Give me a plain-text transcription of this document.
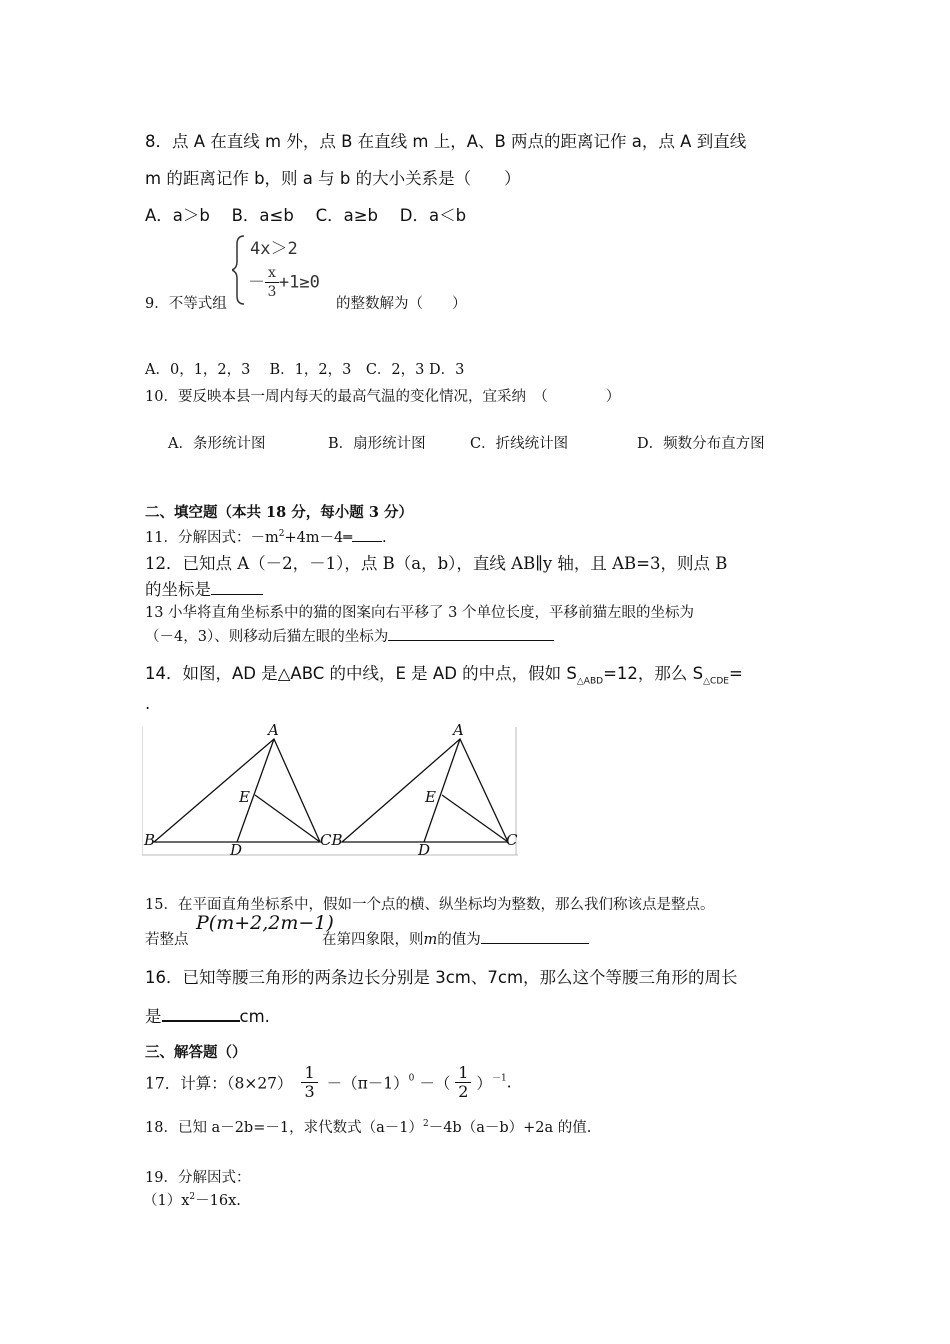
8．点 A 在直线 m 外，点 B 在直线 m 上，A、B 两点的距离记作 a，点 A 到直线
m 的距离记作 b，则 a 与 b 的大小关系是（　　）
A．a＞b　 B．a≤b　 C．a≥b　 D．a＜b
4x＞2
－ $\frac{x}{3} +1\ge 0$
9．不等式组	的整数解为（　　）
A．0，1，2，3　 B．1，2，3　C．2，3 D．3
10．要反映本县一周内每天的最高气温的变化情况，宜采纳　（　　　　）
A．条形统计图	B．扇形统计图	C．折线统计图	D．频数分布直方图
二、填空题（本共 18 分，每小题 3 分）
11．分解因式：$-m^2+4m-4═$ .
12．已知点 A（－2，－1），点 B（a，b），直线 AB∥y 轴，且 AB=3，则点 B
的坐标是
13 小华将直角坐标系中的猫的图案向右平移了 3 个单位长度，平移前猫左眼的坐标为
（－4，3）、则移动后猫左眼的坐标为
14．如图，AD 是△ABC 的中线，E 是 AD 的中点，假如 $S_{\triangle ABD}=12$，那么 $S_{\triangle CDE}=$
.
A
E
B
D
CB
A
E
D
C
15．在平面直角坐标系中，假如一个点的横、纵坐标均为整数，那么我们称该点是整点。
若整点
P(m+2,2m−1)
在第四象限，则m的值为
16．已知等腰三角形的两条边长分别是 3cm、7cm，那么这个等腰三角形的周长
是	cm.
三、解答题（）
17．计算：$(8\times 27) \frac{1}{3} -(\pi-1)^0$ －（ $\frac{1}{2} )^{-1}$.
18．已知 a－2b=－1，求代数式$(a-1)^2-4b(a-b)+2a$ 的值.
19．分解因式：
$(1)x^2-16x$.
